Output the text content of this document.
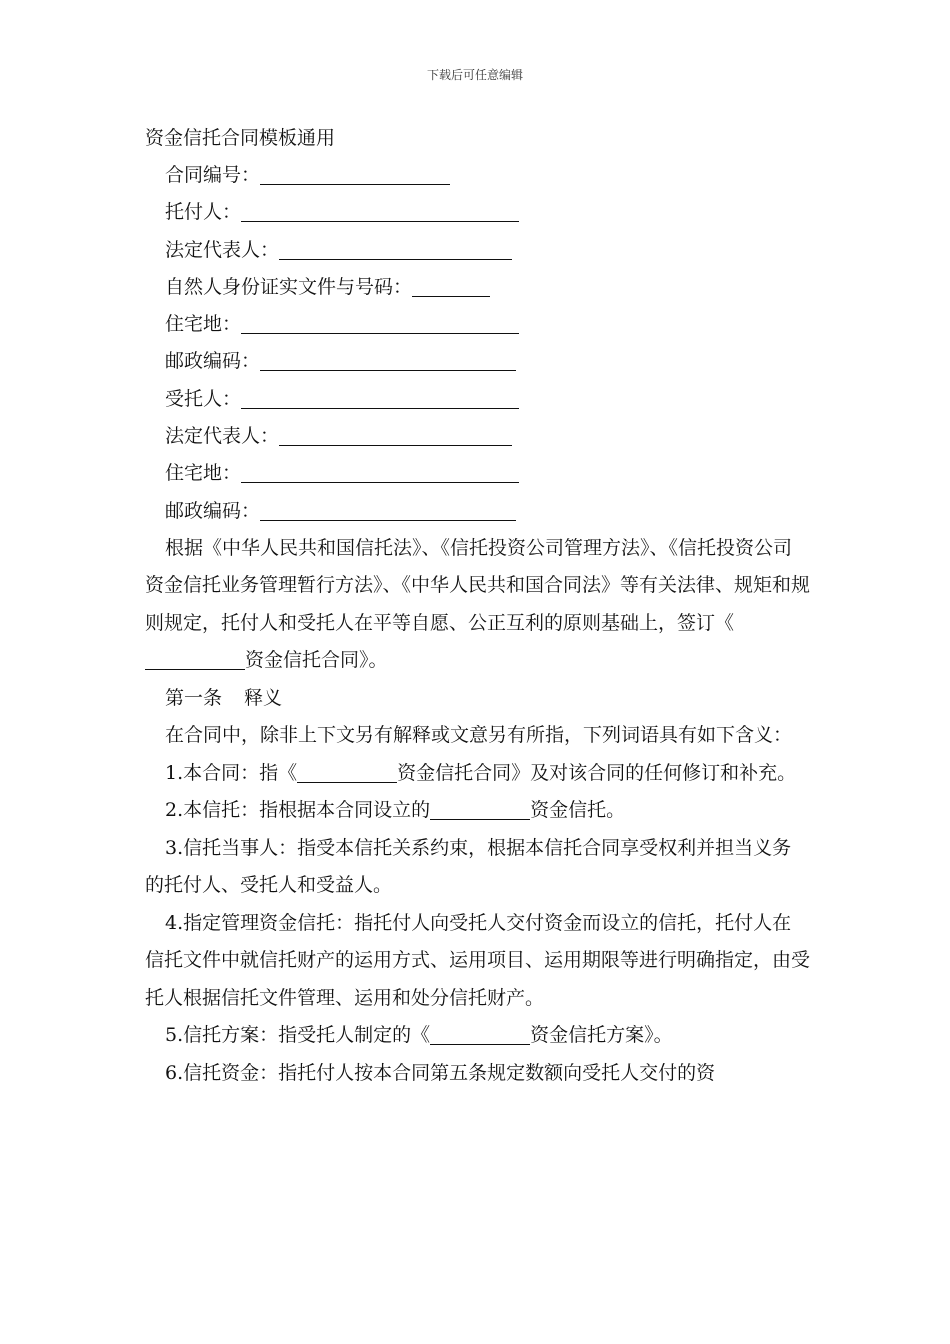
下载后可任意编辑
资金信托合同模板通用
合同编号：
托付人：
法定代表人：
自然人身份证实文件与号码：
住宅地：
邮政编码：
受托人：
法定代表人：
住宅地：
邮政编码：

根据《中华人民共和国信托法》、《信托投资公司管理方法》、《信托投资公司资金信托业务管理暂行方法》、《中华人民共和国合同法》等有关法律、规矩和规则规定，托付人和受托人在平等自愿、公正互利的原则基础上，签订《资金信托合同》。

第一条 释义

在合同中，除非上下文另有解释或文意另有所指，下列词语具有如下含义：

1.本合同：指《	资金信托合同》及对该合同的任何修订和补充。

2.本信托：指根据本合同设立的	资金信托。

3.信托当事人：指受本信托关系约束，根据本信托合同享受权利并担当义务的托付人、受托人和受益人。

4.指定管理资金信托：指托付人向受托人交付资金而设立的信托，托付人在信托文件中就信托财产的运用方式、运用项目、运用期限等进行明确指定，由受托人根据信托文件管理、运用和处分信托财产。

5.信托方案：指受托人制定的《	资金信托方案》。

6.信托资金：指托付人按本合同第五条规定数额向受托人交付的资
